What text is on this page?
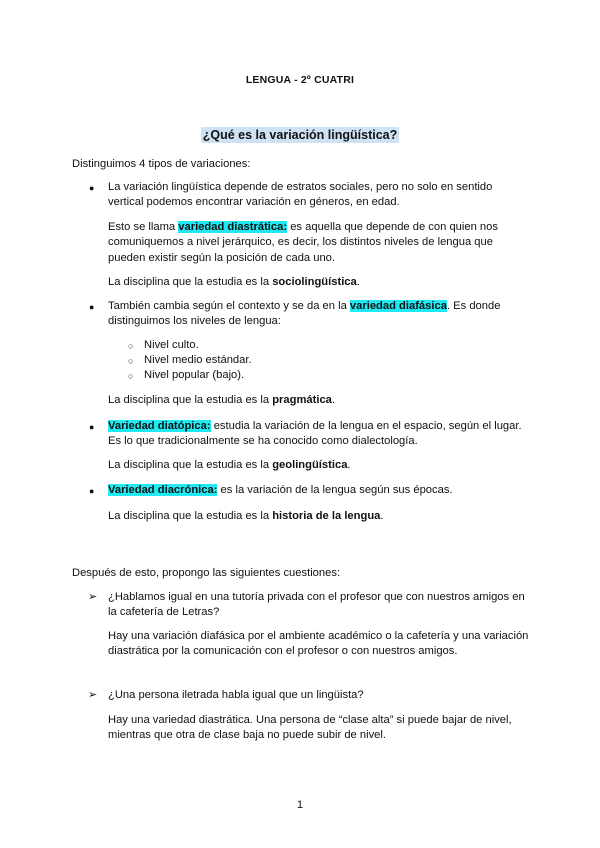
LENGUA - 2º CUATRI
¿Qué es la variación lingüística?
Distinguimos 4 tipos de variaciones:
● La variación lingüística depende de estratos sociales, pero no solo en sentido

vertical podemos encontrar variación en géneros, en edad.

Esto se llama variedad diastrática: es aquella que depende de con quien nos

comuniquemos a nivel jerárquico, es decir, los distintos niveles de lengua que

pueden existir según la posición de cada uno.

La disciplina que la estudia es la sociolingüística.
● También cambia según el contexto y se da en la variedad diafásica. Es donde

distinguimos los niveles de lengua:

○ Nivel culto.
○ Nivel medio estándar.
○ Nivel popular (bajo).
La disciplina que la estudia es la pragmática.
● Variedad diatópica: estudia la variación de la lengua en el espacio, según el lugar.

Es lo que tradicionalmente se ha conocido como dialectología.

La disciplina que la estudia es la geolingüística.
● Variedad diacrónica: es la variación de la lengua según sus épocas.

La disciplina que la estudia es la historia de la lengua.
Después de esto, propongo las siguientes cuestiones:
➢ ¿Hablamos igual en una tutoría privada con el profesor que con nuestros amigos en

la cafetería de Letras?

Hay una variación diafásica por el ambiente académico o la cafetería y una variación

diastrática por la comunicación con el profesor o con nuestros amigos.

➢ ¿Una persona iletrada habla igual que un lingüista?

Hay una variedad diastrática. Una persona de “clase alta” si puede bajar de nivel,

mientras que otra de clase baja no puede subir de nivel.

1
